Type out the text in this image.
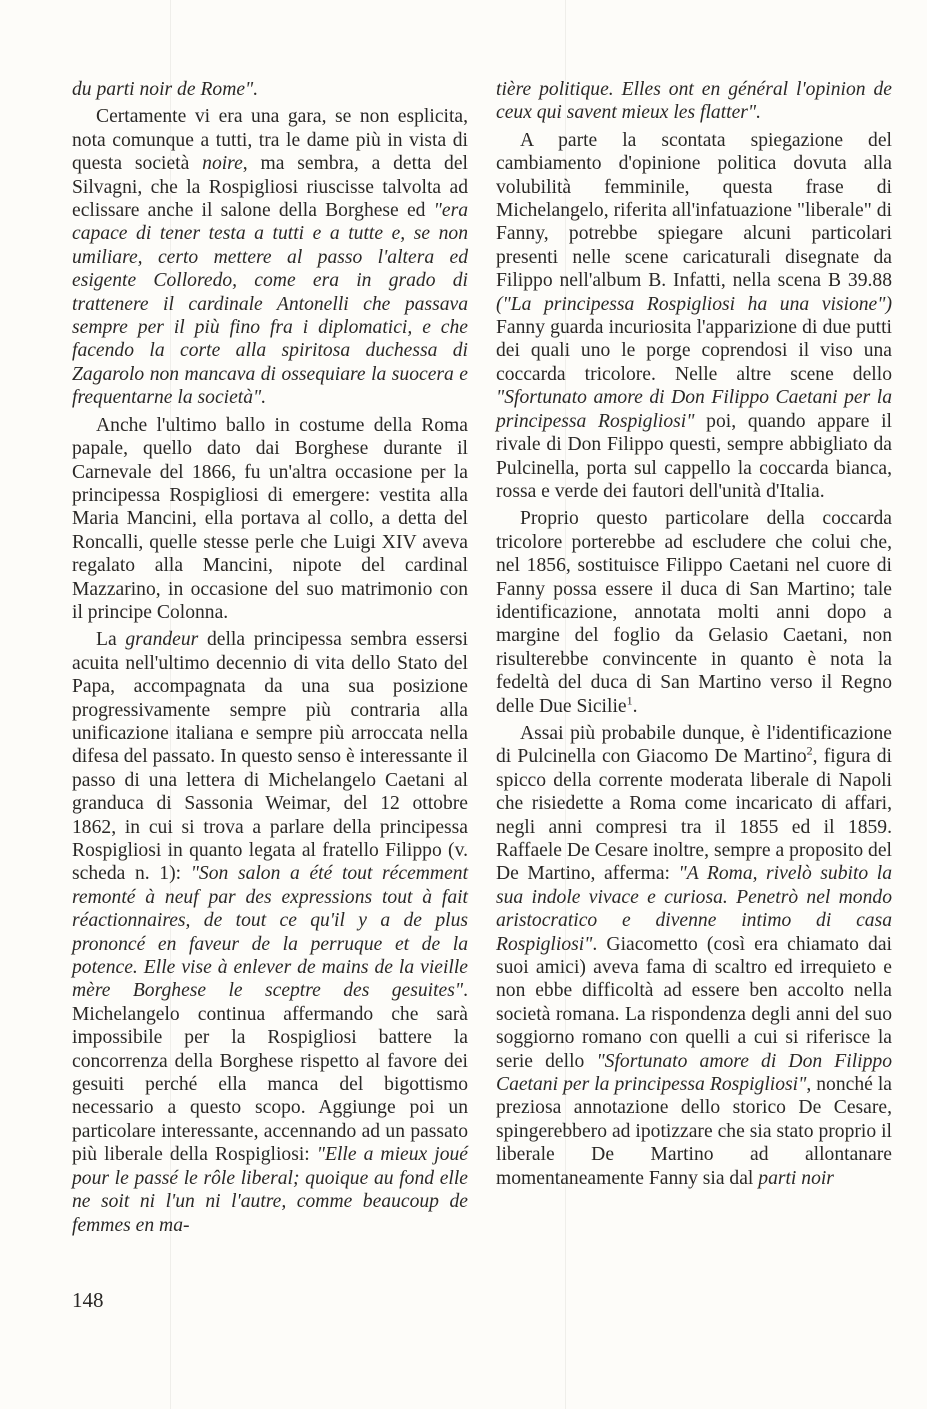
du parti noir de Rome".

Certamente vi era una gara, se non esplicita, nota comunque a tutti, tra le dame più in vista di questa società noire, ma sembra, a detta del Silvagni, che la Rospigliosi riuscisse talvolta ad eclissare anche il salone della Borghese ed "era capace di tener testa a tutti e a tutte e, se non umiliare, certo mettere al passo l'altera ed esigente Colloredo, come era in grado di trattenere il cardinale Antonelli che passava sempre per il più fino fra i diplomatici, e che facendo la corte alla spiritosa duchessa di Zagarolo non mancava di ossequiare la suocera e frequentarne la società".

Anche l'ultimo ballo in costume della Roma papale, quello dato dai Borghese durante il Carnevale del 1866, fu un'altra occasione per la principessa Rospigliosi di emergere: vestita alla Maria Mancini, ella portava al collo, a detta del Roncalli, quelle stesse perle che Luigi XIV aveva regalato alla Mancini, nipote del cardinal Mazzarino, in occasione del suo matrimonio con il principe Colonna.

La grandeur della principessa sembra essersi acuita nell'ultimo decennio di vita dello Stato del Papa, accompagnata da una sua posizione progressivamente sempre più contraria alla unificazione italiana e sempre più arroccata nella difesa del passato. In questo senso è interessante il passo di una lettera di Michelangelo Caetani al granduca di Sassonia Weimar, del 12 ottobre 1862, in cui si trova a parlare della principessa Rospigliosi in quanto legata al fratello Filippo (v. scheda n. 1): "Son salon a été tout récemment remonté à neuf par des expressions tout à fait réactionnaires, de tout ce qu'il y a de plus prononcé en faveur de la perruque et de la potence. Elle vise à enlever de mains de la vieille mère Borghese le sceptre des gesuites". Michelangelo continua affermando che sarà impossibile per la Rospigliosi battere la concorrenza della Borghese rispetto al favore dei gesuiti perché ella manca del bigottismo necessario a questo scopo. Aggiunge poi un particolare interessante, accennando ad un passato più liberale della Rospigliosi: "Elle a mieux joué pour le passé le rôle liberal; quoique au fond elle ne soit ni l'un ni l'autre, comme beaucoup de femmes en ma-

tière politique. Elles ont en général l'opinion de ceux qui savent mieux les flatter".

A parte la scontata spiegazione del cambiamento d'opinione politica dovuta alla volubilità femminile, questa frase di Michelangelo, riferita all'infatuazione "liberale" di Fanny, potrebbe spiegare alcuni particolari presenti nelle scene caricaturali disegnate da Filippo nell'album B. Infatti, nella scena B 39.88 ("La principessa Rospigliosi ha una visione") Fanny guarda incuriosita l'apparizione di due putti dei quali uno le porge coprendosi il viso una coccarda tricolore. Nelle altre scene dello "Sfortunato amore di Don Filippo Caetani per la principessa Rospigliosi" poi, quando appare il rivale di Don Filippo questi, sempre abbigliato da Pulcinella, porta sul cappello la coccarda bianca, rossa e verde dei fautori dell'unità d'Italia.

Proprio questo particolare della coccarda tricolore porterebbe ad escludere che colui che, nel 1856, sostituisce Filippo Caetani nel cuore di Fanny possa essere il duca di San Martino; tale identificazione, annotata molti anni dopo a margine del foglio da Gelasio Caetani, non risulterebbe convincente in quanto è nota la fedeltà del duca di San Martino verso il Regno delle Due Sicilie$^1$.

Assai più probabile dunque, è l'identificazione di Pulcinella con Giacomo De Martino$^2$, figura di spicco della corrente moderata liberale di Napoli che risiedette a Roma come incaricato di affari, negli anni compresi tra il 1855 ed il 1859. Raffaele De Cesare inoltre, sempre a proposito del De Martino, afferma: "A Roma, rivelò subito la sua indole vivace e curiosa. Penetrò nel mondo aristocratico e divenne intimo di casa Rospigliosi". Giacometto (così era chiamato dai suoi amici) aveva fama di scaltro ed irrequieto e non ebbe difficoltà ad essere ben accolto nella società romana. La rispondenza degli anni del suo soggiorno romano con quelli a cui si riferisce la serie dello "Sfortunato amore di Don Filippo Caetani per la principessa Rospigliosi", nonché la preziosa annotazione dello storico De Cesare, spingerebbero ad ipotizzare che sia stato proprio il liberale De Martino ad allontanare momentaneamente Fanny sia dal parti noir

148
